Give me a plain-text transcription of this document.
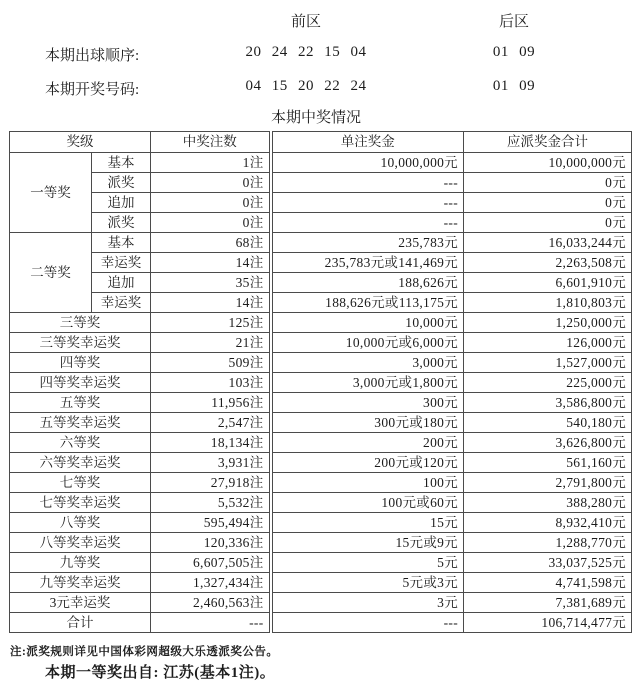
前区	后区
本期出球顺序:	20 24 22 15 04	01 09
本期开奖号码:	04 15 20 22 24	01 09
本期中奖情况
奖级		中奖注数	单注奖金	应派奖金合计
一等奖	基本	1注	10,000,000元	10,000,000元
	派奖	0注	---	0元
	追加	0注	---	0元
	派奖	0注	---	0元
二等奖	基本	68注	235,783元	16,033,244元
	幸运奖	14注	235,783元或141,469元	2,263,508元
	追加	35注	188,626元	6,601,910元
	幸运奖	14注	188,626元或113,175元	1,810,803元
三等奖		125注	10,000元	1,250,000元
三等奖幸运奖		21注	10,000元或6,000元	126,000元
四等奖		509注	3,000元	1,527,000元
四等奖幸运奖		103注	3,000元或1,800元	225,000元
五等奖		11,956注	300元	3,586,800元
五等奖幸运奖		2,547注	300元或180元	540,180元
六等奖		18,134注	200元	3,626,800元
六等奖幸运奖		3,931注	200元或120元	561,160元
七等奖		27,918注	100元	2,791,800元
七等奖幸运奖		5,532注	100元或60元	388,280元
八等奖		595,494注	15元	8,932,410元
八等奖幸运奖		120,336注	15元或9元	1,288,770元
九等奖		6,607,505注	5元	33,037,525元
九等奖幸运奖		1,327,434注	5元或3元	4,741,598元
3元幸运奖		2,460,563注	3元	7,381,689元
合计		---	---	106,714,477元
注:派奖规则详见中国体彩网超级大乐透派奖公告。
本期一等奖出自: 江苏(基本1注)。
